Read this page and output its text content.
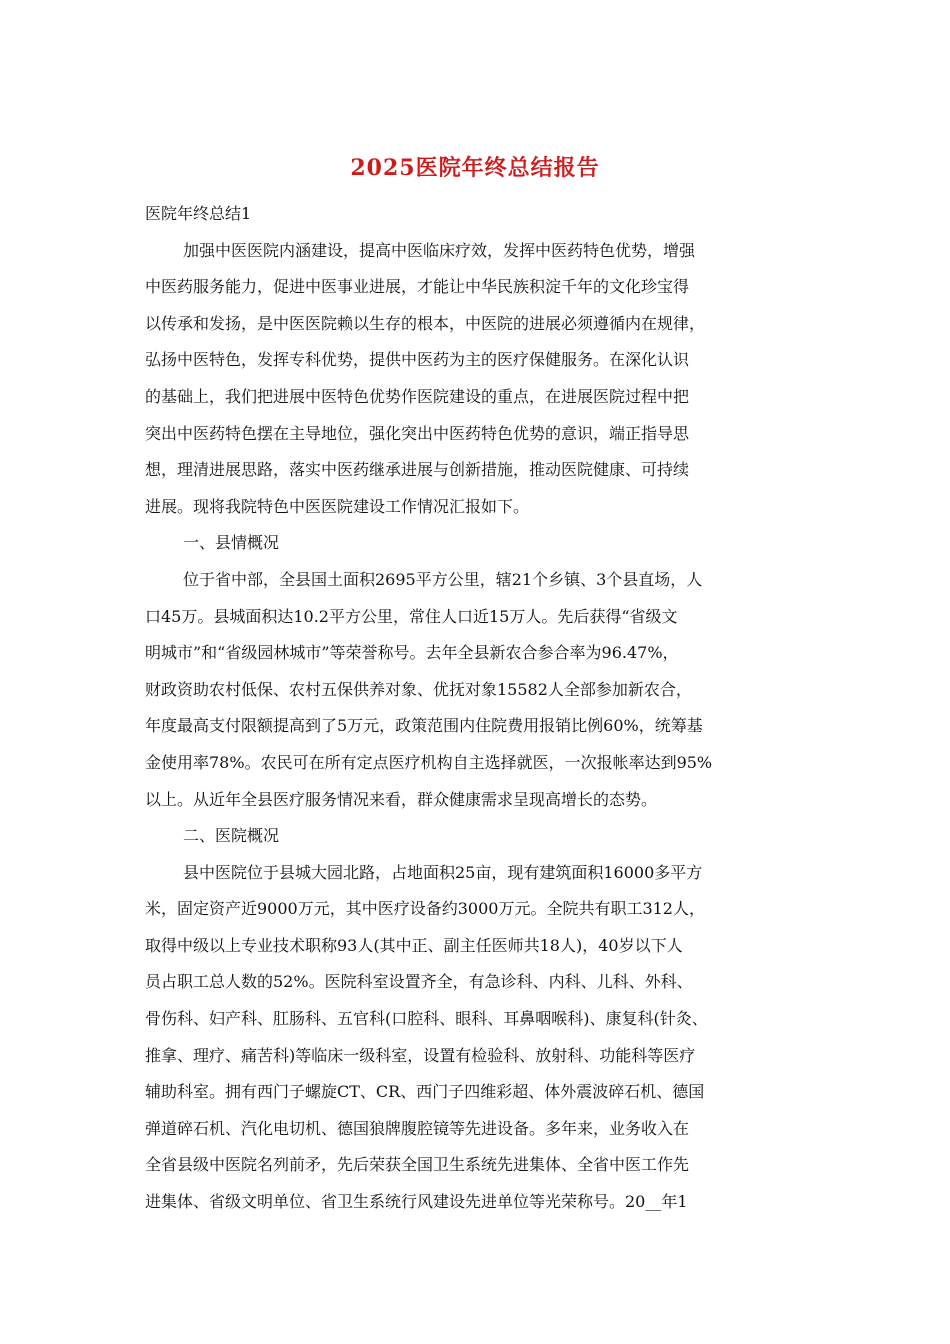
2025医院年终总结报告
医院年终总结1
加强中医医院内涵建设，提高中医临床疗效，发挥中医药特色优势，增强
中医药服务能力，促进中医事业进展，才能让中华民族积淀千年的文化珍宝得
以传承和发扬，是中医医院赖以生存的根本，中医院的进展必须遵循内在规律，
弘扬中医特色，发挥专科优势，提供中医药为主的医疗保健服务。在深化认识
的基础上，我们把进展中医特色优势作医院建设的重点，在进展医院过程中把
突出中医药特色摆在主导地位，强化突出中医药特色优势的意识，端正指导思
想，理清进展思路，落实中医药继承进展与创新措施，推动医院健康、可持续
进展。现将我院特色中医医院建设工作情况汇报如下。
一、县情概况
位于省中部，全县国土面积2695平方公里，辖21个乡镇、3个县直场，人
口45万。县城面积达10.2平方公里，常住人口近15万人。先后获得“省级文
明城市”和“省级园林城市”等荣誉称号。去年全县新农合参合率为96.47%，
财政资助农村低保、农村五保供养对象、优抚对象15582人全部参加新农合，
年度最高支付限额提高到了5万元，政策范围内住院费用报销比例60%，统筹基
金使用率78%。农民可在所有定点医疗机构自主选择就医，一次报帐率达到95%
以上。从近年全县医疗服务情况来看，群众健康需求呈现高增长的态势。
二、医院概况
县中医院位于县城大园北路，占地面积25亩，现有建筑面积16000多平方
米，固定资产近9000万元，其中医疗设备约3000万元。全院共有职工312人，
取得中级以上专业技术职称93人(其中正、副主任医师共18人)，40岁以下人
员占职工总人数的52%。医院科室设置齐全，有急诊科、内科、儿科、外科、
骨伤科、妇产科、肛肠科、五官科(口腔科、眼科、耳鼻咽喉科)、康复科(针灸、
推拿、理疗、痛苦科)等临床一级科室，设置有检验科、放射科、功能科等医疗
辅助科室。拥有西门子螺旋CT、CR、西门子四维彩超、体外震波碎石机、德国
弹道碎石机、汽化电切机、德国狼牌腹腔镜等先进设备。多年来，业务收入在
全省县级中医院名列前矛，先后荣获全国卫生系统先进集体、全省中医工作先
进集体、省级文明单位、省卫生系统行风建设先进单位等光荣称号。20__年1
